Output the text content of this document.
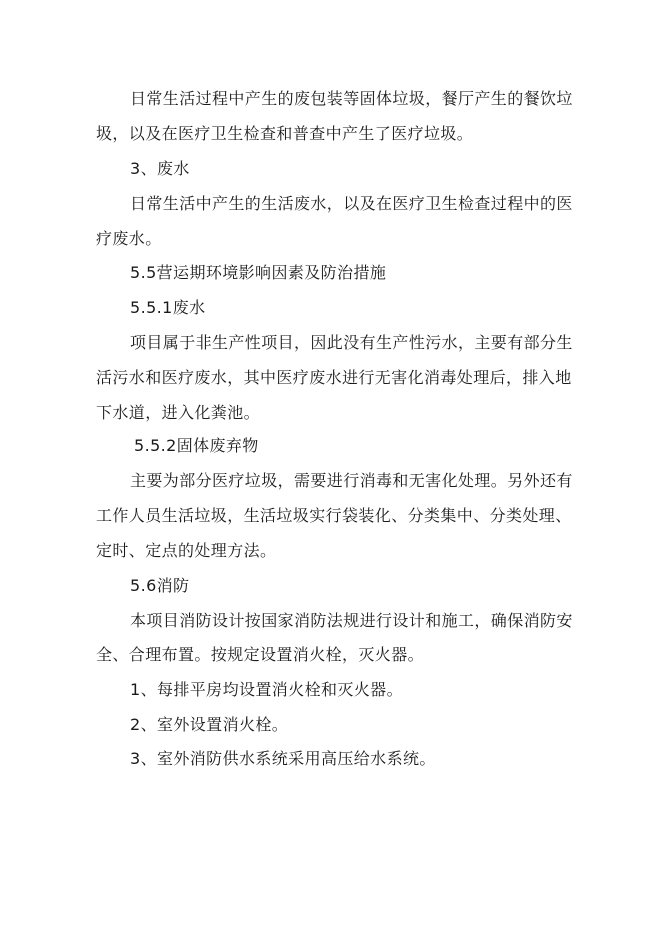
日常生活过程中产生的废包装等固体垃圾，餐厅产生的餐饮垃
圾，以及在医疗卫生检查和普查中产生了医疗垃圾。
3、废水
日常生活中产生的生活废水，以及在医疗卫生检查过程中的医
疗废水。
5.5营运期环境影响因素及防治措施
5.5.1废水
项目属于非生产性项目，因此没有生产性污水，主要有部分生
活污水和医疗废水，其中医疗废水进行无害化消毒处理后，排入地
下水道，进入化粪池。
5.5.2固体废弃物
主要为部分医疗垃圾，需要进行消毒和无害化处理。另外还有
工作人员生活垃圾，生活垃圾实行袋装化、分类集中、分类处理、
定时、定点的处理方法。
5.6消防
本项目消防设计按国家消防法规进行设计和施工，确保消防安
全、合理布置。按规定设置消火栓，灭火器。
1、每排平房均设置消火栓和灭火器。
2、室外设置消火栓。
3、室外消防供水系统采用高压给水系统。
